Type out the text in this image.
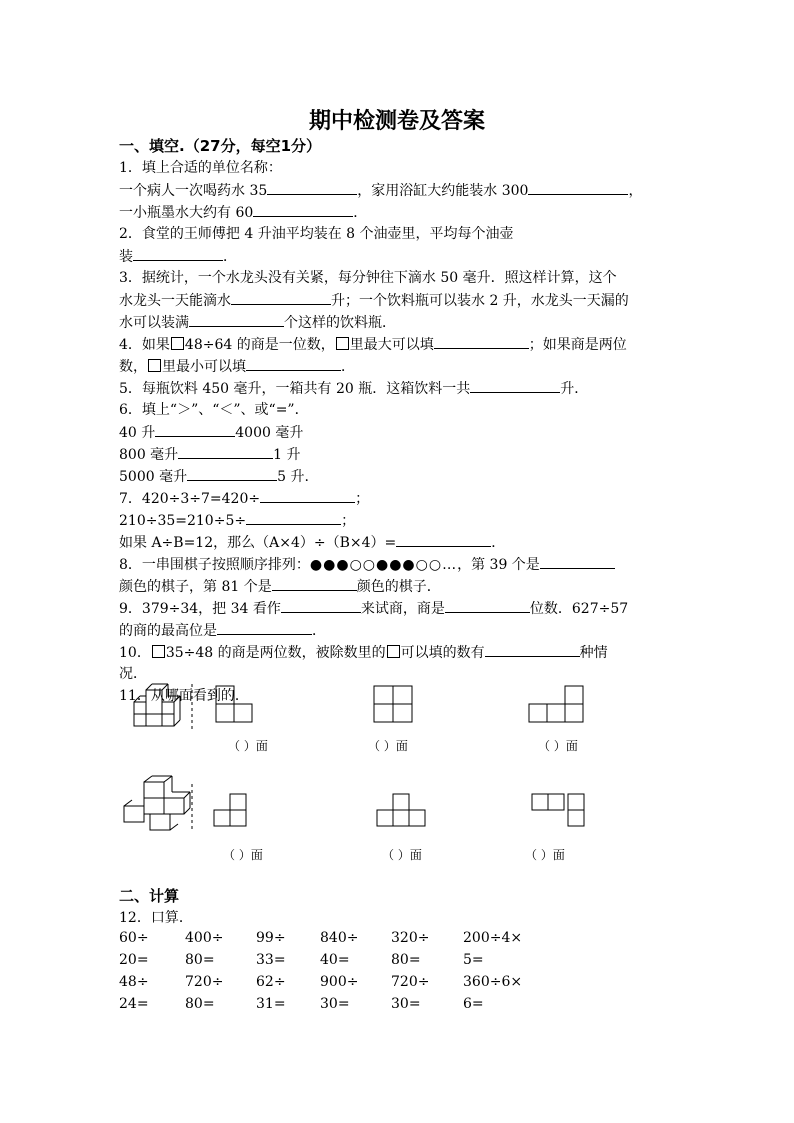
期中检测卷及答案
一、填空.（27分，每空1分）
1．填上合适的单位名称：
一个病人一次喝药水 35	，家用浴缸大约能装水 300	，
一小瓶墨水大约有 60	．
2．食堂的王师傅把 4 升油平均装在 8 个油壶里，平均每个油壶
装	．
3．据统计，一个水龙头没有关紧，每分钟往下滴水 50 毫升．照这样计算，这个
水龙头一天能滴水	升；一个饮料瓶可以装水 2 升，水龙头一天漏的
水可以装满	个这样的饮料瓶．
4．如果 48÷64 的商是一位数， 里最大可以填	；如果商是两位
数， 里最小可以填	．
5．每瓶饮料 450 毫升，一箱共有 20 瓶．这箱饮料一共	升．
6．填上“＞”、“＜”、或“=”．
40 升	4000 毫升
800 毫升	1 升
5000 毫升	5 升.
7．420÷3÷7=420÷	；
210÷35=210÷5÷	；
如果 A÷B=12，那么（A×4）÷（B×4）=	．
8．一串围棋子按照顺序排列：●●●○○●●●○○…，第 39 个是
颜色的棋子，第 81 个是	颜色的棋子．
9．379÷34，把 34 看作	来试商，商是	位数．627÷57
的商的最高位是	．
10． 35÷48 的商是两位数，被除数里的 可以填的数有	种情
况．
11．从哪面看到的．
（ ）面	（ ）面	（ ）面
（ ）面	（ ）面	（ ）面
二、计算
12．口算．
60÷	400÷ 99÷ 840÷ 320÷ 200÷4×
20=	80=	33= 40=	80=	5=
48÷	720÷ 62÷ 900÷ 720÷ 360÷6×
24=	80=	31= 30=	30=	6=
